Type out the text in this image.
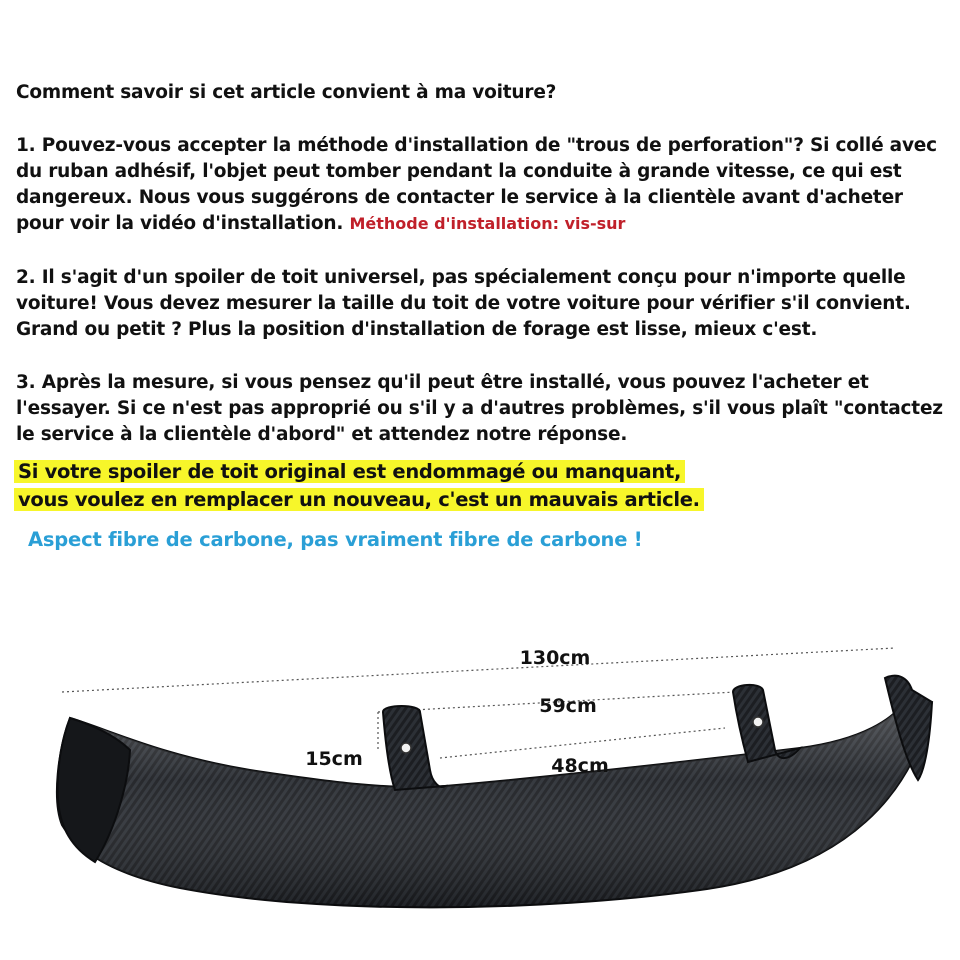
Comment savoir si cet article convient à ma voiture?
1. Pouvez-vous accepter la méthode d'installation de "trous de perforation"? Si collé avec du ruban adhésif, l'objet peut tomber pendant la conduite à grande vitesse, ce qui est dangereux. Nous vous suggérons de contacter le service à la clientèle avant d'acheter pour voir la vidéo d'installation. Méthode d'installation: vis-sur
2. Il s'agit d'un spoiler de toit universel, pas spécialement conçu pour n'importe quelle voiture! Vous devez mesurer la taille du toit de votre voiture pour vérifier s'il convient. Grand ou petit ? Plus la position d'installation de forage est lisse, mieux c'est.
3. Après la mesure, si vous pensez qu'il peut être installé, vous pouvez l'acheter et l'essayer. Si ce n'est pas approprié ou s'il y a d'autres problèmes, s'il vous plaît "contactez le service à la clientèle d'abord" et attendez notre réponse.
Si votre spoiler de toit original est endommagé ou manquant,
vous voulez en remplacer un nouveau, c'est un mauvais article.
Aspect fibre de carbone, pas vraiment fibre de carbone !
130cm
59cm
48cm
15cm
